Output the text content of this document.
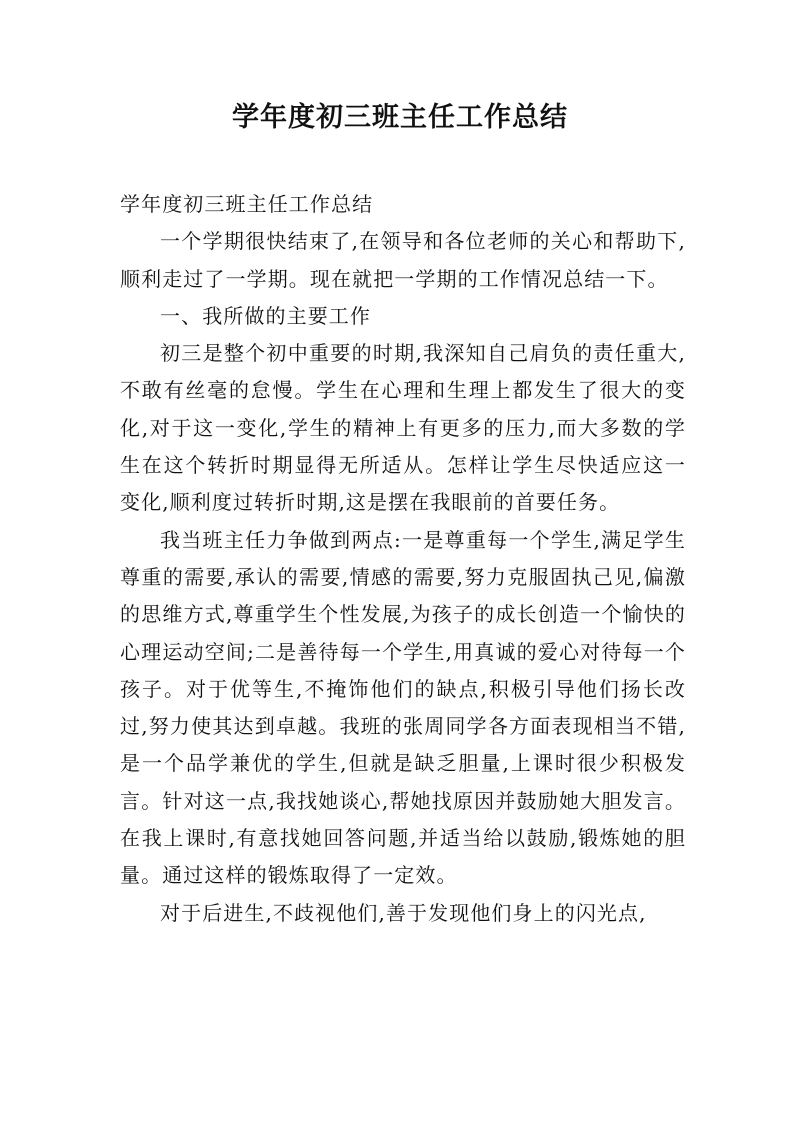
学年度初三班主任工作总结

学年度初三班主任工作总结

一个学期很快结束了,在领导和各位老师的关心和帮助下,顺利走过了一学期。现在就把一学期的工作情况总结一下。

一、我所做的主要工作

初三是整个初中重要的时期,我深知自己肩负的责任重大,不敢有丝毫的怠慢。学生在心理和生理上都发生了很大的变化,对于这一变化,学生的精神上有更多的压力,而大多数的学生在这个转折时期显得无所适从。怎样让学生尽快适应这一变化,顺利度过转折时期,这是摆在我眼前的首要任务。

我当班主任力争做到两点:一是尊重每一个学生,满足学生尊重的需要,承认的需要,情感的需要,努力克服固执己见,偏激的思维方式,尊重学生个性发展,为孩子的成长创造一个愉快的心理运动空间;二是善待每一个学生,用真诚的爱心对待每一个孩子。对于优等生,不掩饰他们的缺点,积极引导他们扬长改过,努力使其达到卓越。我班的张周同学各方面表现相当不错,是一个品学兼优的学生,但就是缺乏胆量,上课时很少积极发言。针对这一点,我找她谈心,帮她找原因并鼓励她大胆发言。在我上课时,有意找她回答问题,并适当给以鼓励,锻炼她的胆量。通过这样的锻炼取得了一定效。

对于后进生,不歧视他们,善于发现他们身上的闪光点,
